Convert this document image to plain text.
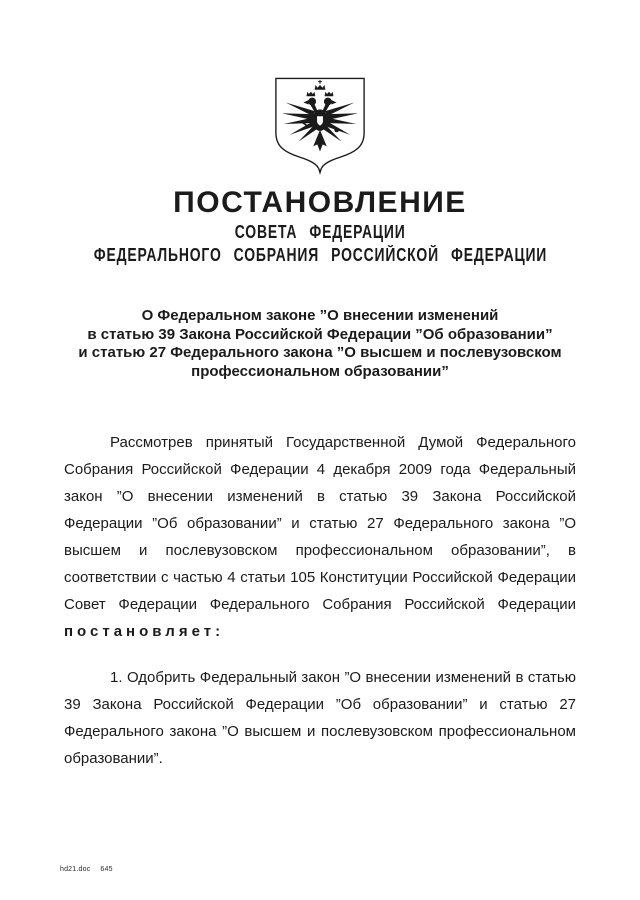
ПОСТАНОВЛЕНИЕ
СОВЕТА ФЕДЕРАЦИИ
ФЕДЕРАЛЬНОГО СОБРАНИЯ РОССИЙСКОЙ ФЕДЕРАЦИИ
О Федеральном законе ”О внесении изменений
в статью 39 Закона Российской Федерации ”Об образовании”
и статью 27 Федерального закона ”О высшем и послевузовском
профессиональном образовании”
Рассмотрев принятый Государственной Думой Федерального Собрания Российской Федерации 4 декабря 2009 года Федеральный закон ”О внесении изменений в статью 39 Закона Российской Федерации ”Об образовании” и статью 27 Федерального закона ”О высшем и послевузовском профессиональном образовании”, в соответствии с частью 4 статьи 105 Конституции Российской Федерации Совет Федерации Федерального Собрания Российской Федерации
постановляет:
1. Одобрить Федеральный закон ”О внесении изменений в статью 39 Закона Российской Федерации ”Об образовании” и статью 27 Федерального закона ”О высшем и послевузовском профессиональном образовании”.
hd21.doc 645
